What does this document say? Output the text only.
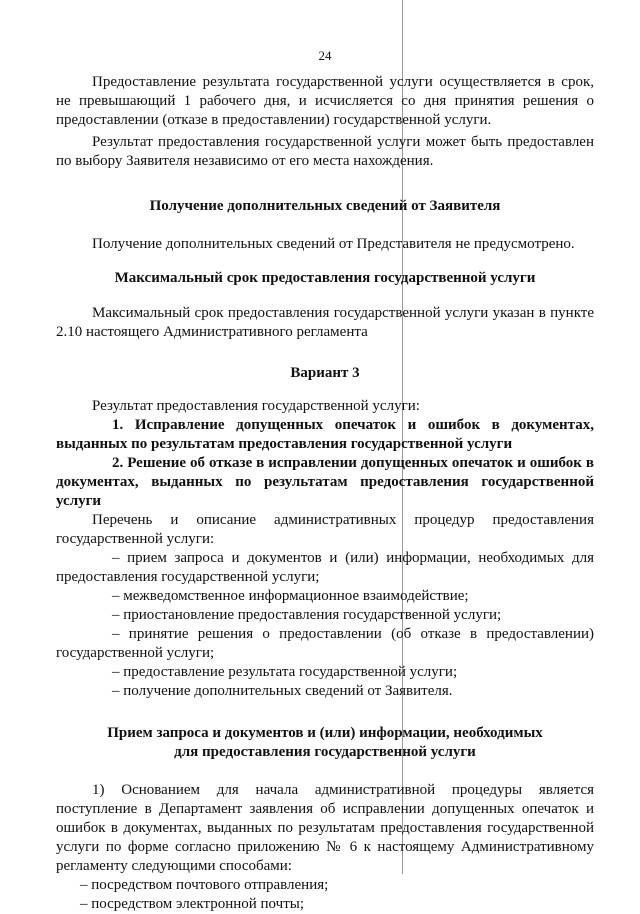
24

Предоставление результата государственной услуги осуществляется в срок, не превышающий 1 рабочего дня, и исчисляется со дня принятия решения о предоставлении (отказе в предоставлении) государственной услуги.

Результат предоставления государственной услуги может быть предоставлен по выбору Заявителя независимо от его места нахождения.

Получение дополнительных сведений от Заявителя

Получение дополнительных сведений от Представителя не предусмотрено.

Максимальный срок предоставления государственной услуги

Максимальный срок предоставления государственной услуги указан в пункте 2.10 настоящего Административного регламента

Вариант 3

Результат предоставления государственной услуги:

1. Исправление допущенных опечаток и ошибок в документах, выданных по результатам предоставления государственной услуги

2. Решение об отказе в исправлении допущенных опечаток и ошибок в документах, выданных по результатам предоставления государственной услуги

Перечень и описание административных процедур предоставления государственной услуги:

– прием запроса и документов и (или) информации, необходимых для предоставления государственной услуги;

– межведомственное информационное взаимодействие;

– приостановление предоставления государственной услуги;

– принятие решения о предоставлении (об отказе в предоставлении) государственной услуги;

– предоставление результата государственной услуги;

– получение дополнительных сведений от Заявителя.

Прием запроса и документов и (или) информации, необходимых для предоставления государственной услуги

1) Основанием для начала административной процедуры является поступление в Департамент заявления об исправлении допущенных опечаток и ошибок в документах, выданных по результатам предоставления государственной услуги по форме согласно приложению № 6 к настоящему Административному регламенту следующими способами:

– посредством почтового отправления;

– посредством электронной почты;
